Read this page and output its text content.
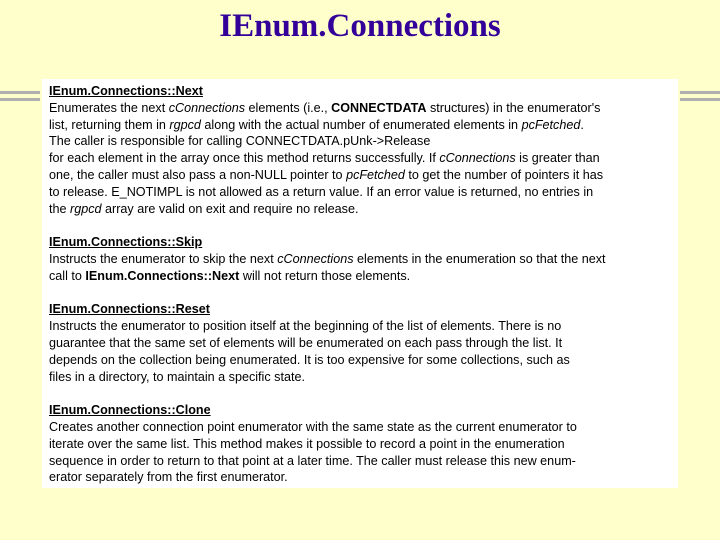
IEnum.Connections
IEnum.Connections::Next
Enumerates the next cConnections elements (i.e., CONNECTDATA structures) in the enumerator's
list, returning them in rgpcd along with the actual number of enumerated elements in pcFetched.
The caller is responsible for calling CONNECTDATA.pUnk->Release
for each element in the array once this method returns successfully. If cConnections is greater than
one, the caller must also pass a non-NULL pointer to pcFetched to get the number of pointers it has
to release. E_NOTIMPL is not allowed as a return value. If an error value is returned, no entries in
the rgpcd array are valid on exit and require no release.
IEnum.Connections::Skip
Instructs the enumerator to skip the next cConnections elements in the enumeration so that the next
call to IEnum.Connections::Next will not return those elements.
IEnum.Connections::Reset
Instructs the enumerator to position itself at the beginning of the list of elements. There is no
guarantee that the same set of elements will be enumerated on each pass through the list. It
depends on the collection being enumerated. It is too expensive for some collections, such as
files in a directory, to maintain a specific state.
IEnum.Connections::Clone
Creates another connection point enumerator with the same state as the current enumerator to
iterate over the same list. This method makes it possible to record a point in the enumeration
sequence in order to return to that point at a later time. The caller must release this new enum-
erator separately from the first enumerator.
